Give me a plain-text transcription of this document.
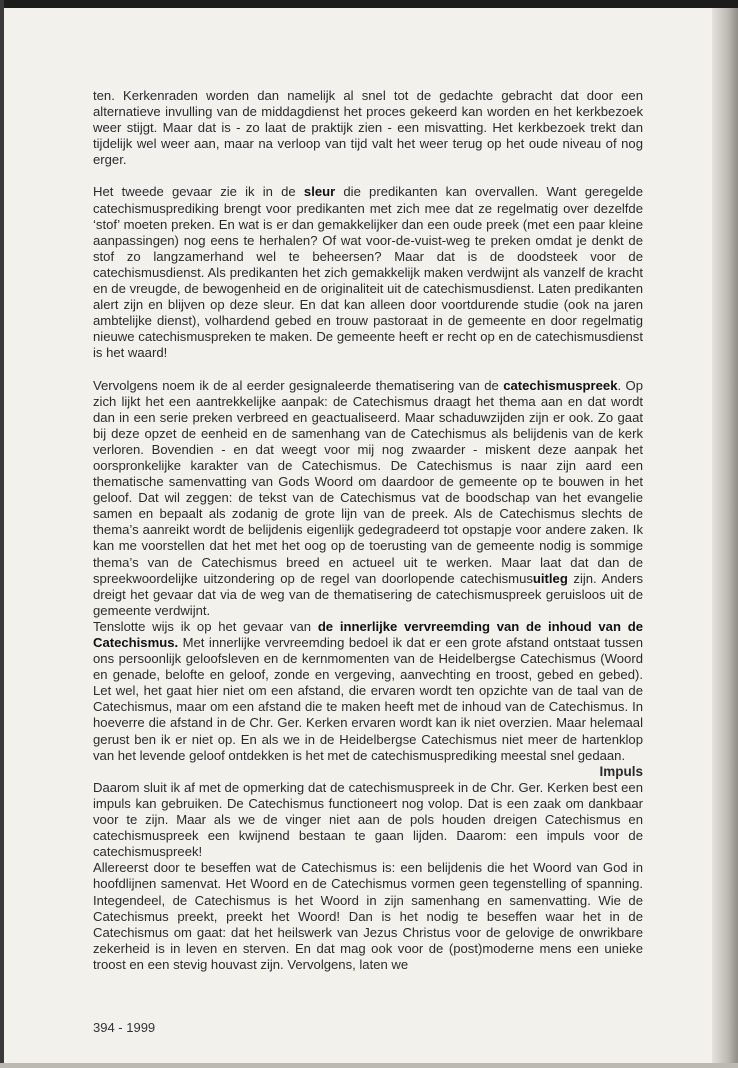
ten. Kerkenraden worden dan namelijk al snel tot de gedachte gebracht dat door een alternatieve invulling van de middagdienst het proces gekeerd kan worden en het kerkbezoek weer stijgt. Maar dat is - zo laat de praktijk zien - een misvatting. Het kerkbezoek trekt dan tijdelijk wel weer aan, maar na verloop van tijd valt het weer terug op het oude niveau of nog erger.

Het tweede gevaar zie ik in de sleur die predikanten kan overvallen. Want geregelde catechismusprediking brengt voor predikanten met zich mee dat ze regelmatig over dezelfde ‘stof’ moeten preken. En wat is er dan gemakkelijker dan een oude preek (met een paar kleine aanpassingen) nog eens te herhalen? Of wat voor-de-vuist-weg te preken omdat je denkt de stof zo langzamerhand wel te beheersen? Maar dat is de doodsteek voor de catechismusdienst. Als predikanten het zich gemakkelijk maken verdwijnt als vanzelf de kracht en de vreugde, de bewogenheid en de originaliteit uit de catechismusdienst. Laten predikanten alert zijn en blijven op deze sleur. En dat kan alleen door voortdurende studie (ook na jaren ambtelijke dienst), volhardend gebed en trouw pastoraat in de gemeente en door regelmatig nieuwe catechismuspreken te maken. De gemeente heeft er recht op en de catechismusdienst is het waard!

Vervolgens noem ik de al eerder gesignaleerde thematisering van de catechismuspreek. Op zich lijkt het een aantrekkelijke aanpak: de Catechismus draagt het thema aan en dat wordt dan in een serie preken verbreed en geactualiseerd. Maar schaduwzijden zijn er ook. Zo gaat bij deze opzet de eenheid en de samenhang van de Catechismus als belijdenis van de kerk verloren. Bovendien - en dat weegt voor mij nog zwaarder - miskent deze aanpak het oorspronkelijke karakter van de Catechismus. De Catechismus is naar zijn aard een thematische samenvatting van Gods Woord om daardoor de gemeente op te bouwen in het geloof. Dat wil zeggen: de tekst van de Catechismus vat de boodschap van het evangelie samen en bepaalt als zodanig de grote lijn van de preek. Als de Catechismus slechts de thema’s aanreikt wordt de belijdenis eigenlijk gedegradeerd tot opstapje voor andere zaken. Ik kan me voorstellen dat het met het oog op de toerusting van de gemeente nodig is sommige thema’s van de Catechismus breed en actueel uit te werken. Maar laat dat dan de spreekwoordelijke uitzondering op de regel van doorlopende catechismusuitleg zijn. Anders dreigt het gevaar dat via de weg van de thematisering de catechismuspreek geruisloos uit de gemeente verdwijnt.

Tenslotte wijs ik op het gevaar van de innerlijke vervreemding van de inhoud van de Catechismus. Met innerlijke vervreemding bedoel ik dat er een grote afstand ontstaat tussen ons persoonlijk geloofsleven en de kernmomenten van de Heidelbergse Catechismus (Woord en genade, belofte en geloof, zonde en vergeving, aanvechting en troost, gebed en gebed). Let wel, het gaat hier niet om een afstand, die ervaren wordt ten opzichte van de taal van de Catechismus, maar om een afstand die te maken heeft met de inhoud van de Catechismus. In hoeverre die afstand in de Chr. Ger. Kerken ervaren wordt kan ik niet overzien. Maar helemaal gerust ben ik er niet op. En als we in de Heidelbergse Catechismus niet meer de hartenklop van het levende geloof ontdekken is het met de catechismusprediking meestal snel gedaan.

Impuls

Daarom sluit ik af met de opmerking dat de catechismuspreek in de Chr. Ger. Kerken best een impuls kan gebruiken. De Catechismus functioneert nog volop. Dat is een zaak om dankbaar voor te zijn. Maar als we de vinger niet aan de pols houden dreigen Catechismus en catechismuspreek een kwijnend bestaan te gaan lijden. Daarom: een impuls voor de catechismuspreek!

Allereerst door te beseffen wat de Catechismus is: een belijdenis die het Woord van God in hoofdlijnen samenvat. Het Woord en de Catechismus vormen geen tegenstelling of spanning. Integendeel, de Catechismus is het Woord in zijn samenhang en samenvatting. Wie de Catechismus preekt, preekt het Woord! Dan is het nodig te beseffen waar het in de Catechismus om gaat: dat het heilswerk van Jezus Christus voor de gelovige de onwrikbare zekerheid is in leven en sterven. En dat mag ook voor de (post)moderne mens een unieke troost en een stevig houvast zijn. Vervolgens, laten we

394 - 1999
